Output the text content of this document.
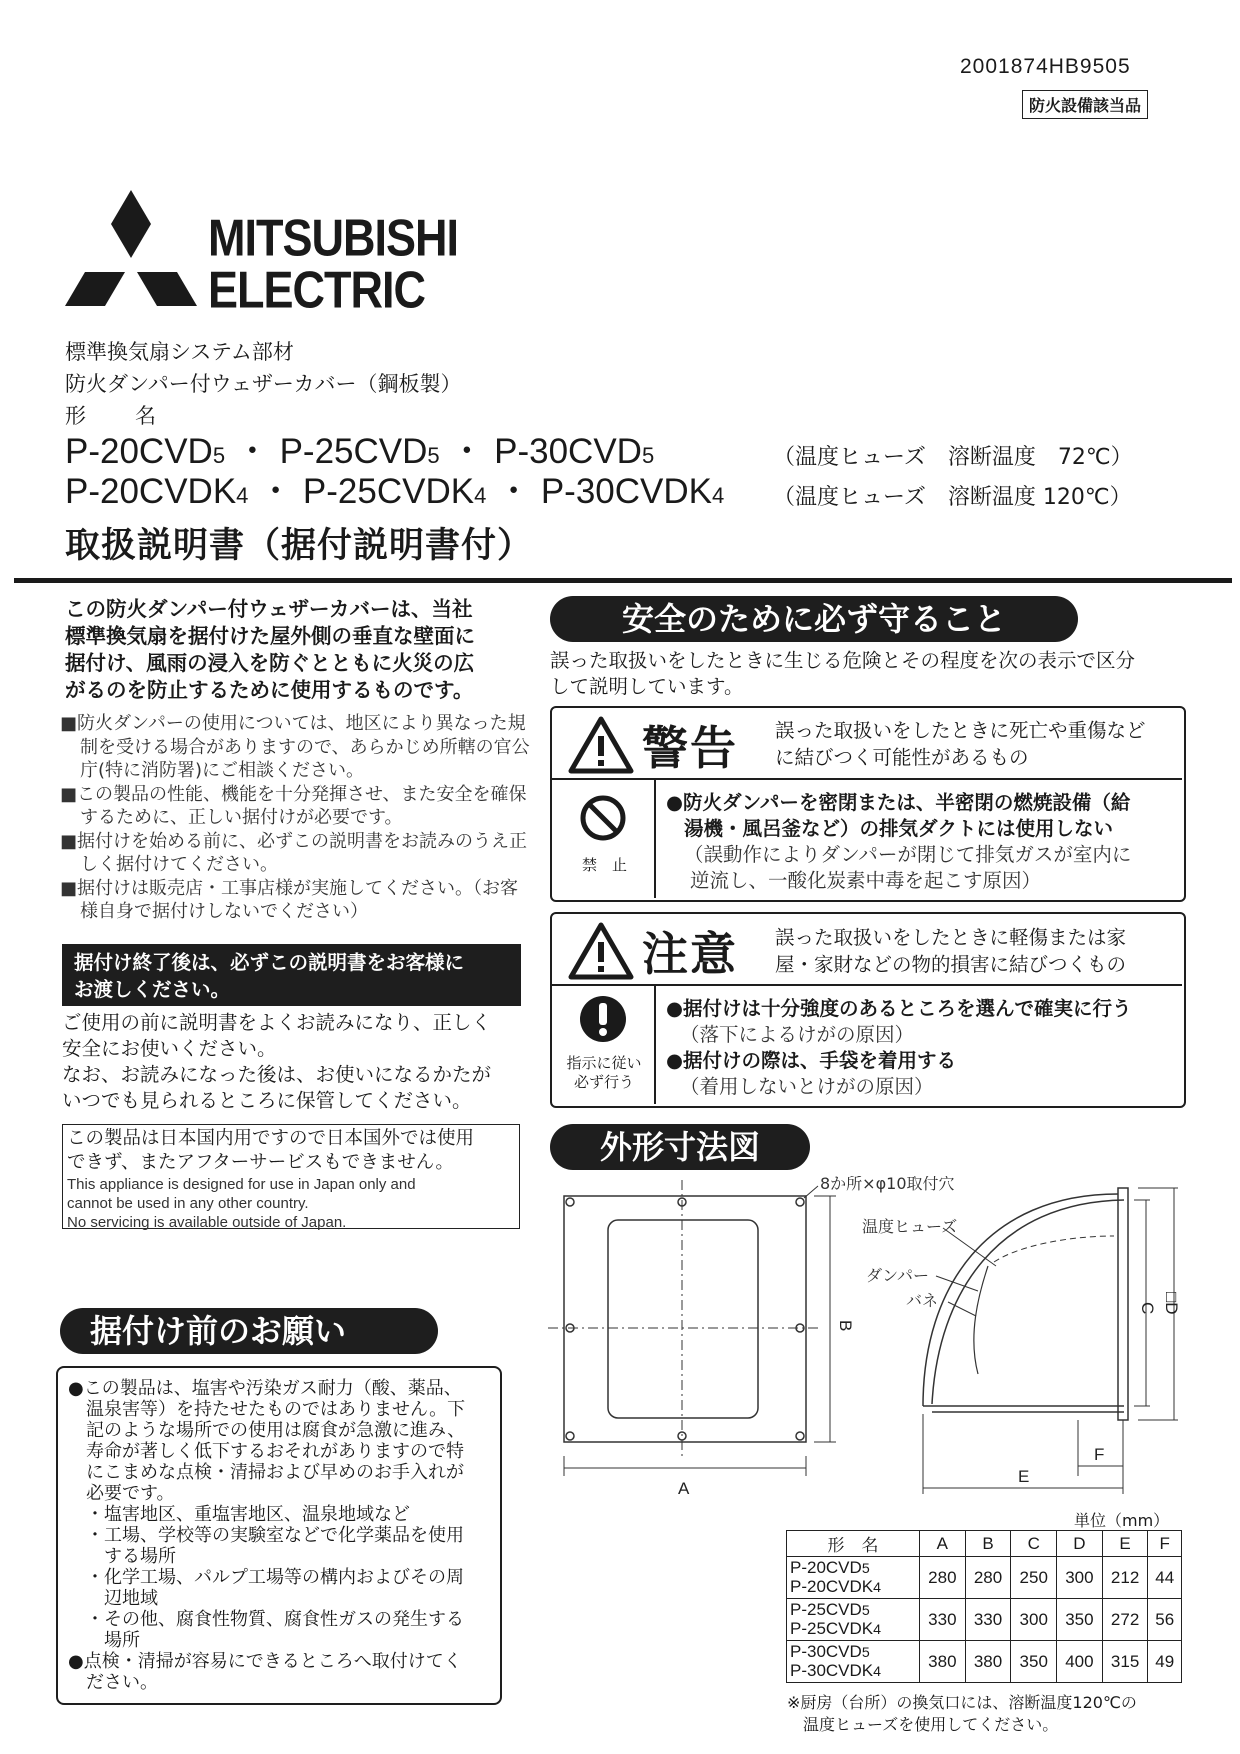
2001874HB9505
防火設備該当品
MITSUBISHI
ELECTRIC
標準換気扇システム部材
防火ダンパー付ウェザーカバー（鋼板製）
形　名
P-20CVD5 ・ P-25CVD5 ・ P-30CVD5	（温度ヒューズ　溶断温度　72℃）
P-20CVDK4 ・ P-25CVDK4 ・ P-30CVDK4 （温度ヒューズ　溶断温度 120℃）
取扱説明書（据付説明書付）
この防火ダンパー付ウェザーカバーは、当社
標準換気扇を据付けた屋外側の垂直な壁面に
据付け、風雨の浸入を防ぐとともに火災の広
がるのを防止するために使用するものです。

■防火ダンパーの使用については、地区により異なった規制を受ける場合がありますので、あらかじめ所轄の官公庁(特に消防署)にご相談ください。

■この製品の性能、機能を十分発揮させ、また安全を確保するために、正しい据付けが必要です。

■据付けを始める前に、必ずこの説明書をお読みのうえ正しく据付けてください。

■据付けは販売店・工事店様が実施してください。（お客様自身で据付けしないでください）

据付け終了後は、必ずこの説明書をお客様に
お渡しください。
ご使用の前に説明書をよくお読みになり、正しく
安全にお使いください。
なお、お読みになった後は、お使いになるかたが
いつでも見られるところに保管してください。
この製品は日本国内用ですので日本国外では使用
できず、またアフターサービスもできません。
This appliance is designed for use in Japan only and
cannot be used in any other country.
No servicing is available outside of Japan.
据付け前のお願い

●この製品は、塩害や汚染ガス耐力（酸、薬品、

　温泉害等）を持たせたものではありません。下

　記のような場所での使用は腐食が急激に進み、

　寿命が著しく低下するおそれがありますので特

　にこまめな点検・清掃および早めのお手入れが

　必要です。

　・塩害地区、重塩害地区、温泉地域など

　・工場、学校等の実験室などで化学薬品を使用

　　する場所

　・化学工場、パルプ工場等の構内およびその周

　　辺地域

　・その他、腐食性物質、腐食性ガスの発生する

　　場所

●点検・清掃が容易にできるところへ取付けてく

　ださい。

安全のために必ず守ること
誤った取扱いをしたときに生じる危険とその程度を次の表示で区分
して説明しています。
警告 誤った取扱いをしたときに死亡や重傷など
に結びつく可能性があるもの
禁　止
●防火ダンパーを密閉または、半密閉の燃焼設備（給
湯機・風呂釜など）の排気ダクトには使用しない
（誤動作によりダンパーが閉じて排気ガスが室内に
逆流し、一酸化炭素中毒を起こす原因）
注意 誤った取扱いをしたときに軽傷または家
屋・家財などの物的損害に結びつくもの
指示に従い
必ず行う
●据付けは十分強度のあるところを選んで確実に行う
（落下によるけがの原因）
●据付けの際は、手袋を着用する
（着用しないとけがの原因）
外形寸法図
A
B
C □D
E
F
8か所×φ10取付穴
温度ヒューズ
ダンパー
バネ
単位（mm）
形　名	A	B	C	D	E	F

P-20CVD5
P-20CVDK4	280	280	250	300	212	44

P-25CVD5
P-25CVDK4	330	330	300	350	272	56

P-30CVD5
P-30CVDK4	380	380	350	400	315	49
※厨房（台所）の換気口には、溶断温度120℃の
　温度ヒューズを使用してください。
